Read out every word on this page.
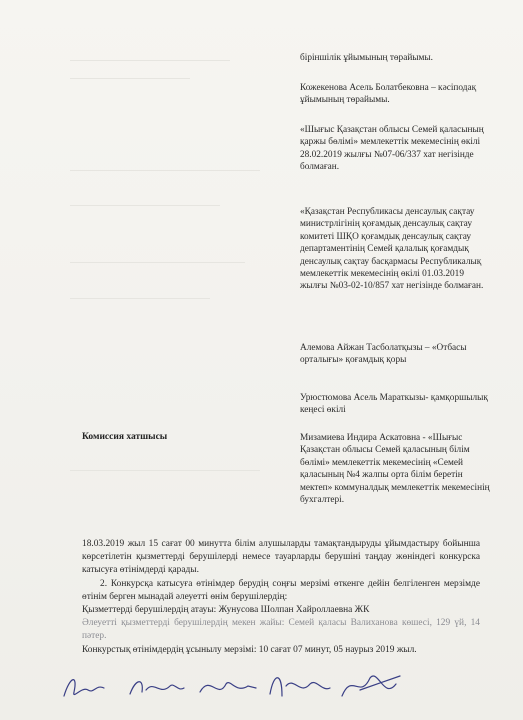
біріншілік ұйымының төрайымы.

Кожекенова Асель Болатбековна – кәсіподақ ұйымының төрайымы.

«Шығыс Қазақстан облысы Семей қаласының қаржы бөлімі» мемлекеттік мекемесінің өкілі 28.02.2019 жылғы №07-06/337 хат негізінде болмаған.

«Қазақстан Республикасы денсаулық сақтау министрлігінің қоғамдық денсаулық сақтау комитеті ШҚО қоғамдық денсаулық сақтау департаментінің Семей қалалық қоғамдық денсаулық сақтау басқармасы Республикалық мемлекеттік мекемесінің өкілі 01.03.2019 жылғы №03-02-10/857 хат негізінде болмаған.

Алемова Айжан Тасболатқызы – «Отбасы орталығы» қоғамдық қоры

Урюстюмова Асель Мараткызы- қамқоршылық кеңесі өкілі

Комиссия хатшысы	Мизамиева Индира Аскатовна - «Шығыс Қазақстан облысы Семей қаласының білім бөлімі» мемлекеттік мекемесінің «Семей қаласының №4 жалпы орта білім беретін мектеп» коммуналдық мемлекеттік мекемесінің бухгалтері.

18.03.2019 жыл 15 сағат 00 минутта білім алушыларды тамақтандыруды ұйымдастыру бойынша көрсетілетін қызметтерді берушілерді немесе тауарларды берушіні таңдау жөніндегі конкурска катысуға өтінімдерді қарады.

2. Конкурсқа катысуға өтінімдер берудің соңғы мерзімі өткенге дейін белгіленген мерзімде өтінім берген мынадай әлеуетті өнім берушілердің:

Қызметтерді берушілердің атауы: Жунусова Шолпан Хайроллаевна ЖК

Әлеуетті қызметтерді берушілердің мекен жайы: Семей қаласы Валиханова көшесі, 129 үй, 14 пәтер.

Конкурстық өтінімдердің ұсынылу мерзімі: 10 сағат 07 минут, 05 наурыз 2019 жыл.
